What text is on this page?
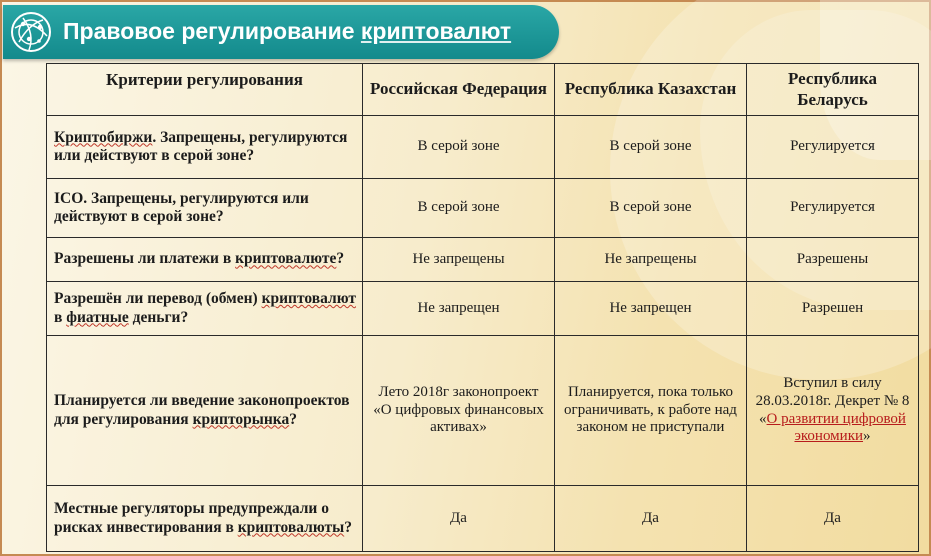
Правовое регулирование криптовалют
Критерии регулирования	Российская Федерация	Республика Казахстан	Республика Беларусь
Криптобиржи. Запрещены, регулируются или действуют в серой зоне?	В серой зоне	В серой зоне	Регулируется
ICO. Запрещены, регулируются или действуют в серой зоне?	В серой зоне	В серой зоне	Регулируется
Разрешены ли платежи в криптовалюте?	Не запрещены	Не запрещены	Разрешены
Разрешён ли перевод (обмен) криптовалют в фиатные деньги?	Не запрещен	Не запрещен	Разрешен
Планируется ли введение законопроектов для регулирования крипторынка?	Лето 2018г законопроект «О цифровых финансовых активах»	Планируется, пока только ограничивать, к работе над законом не приступали	Вступил в силу 28.03.2018г. Декрет № 8 «О развитии цифровой экономики»
Местные регуляторы предупреждали о рисках инвестирования в криптовалюты?	Да	Да	Да
